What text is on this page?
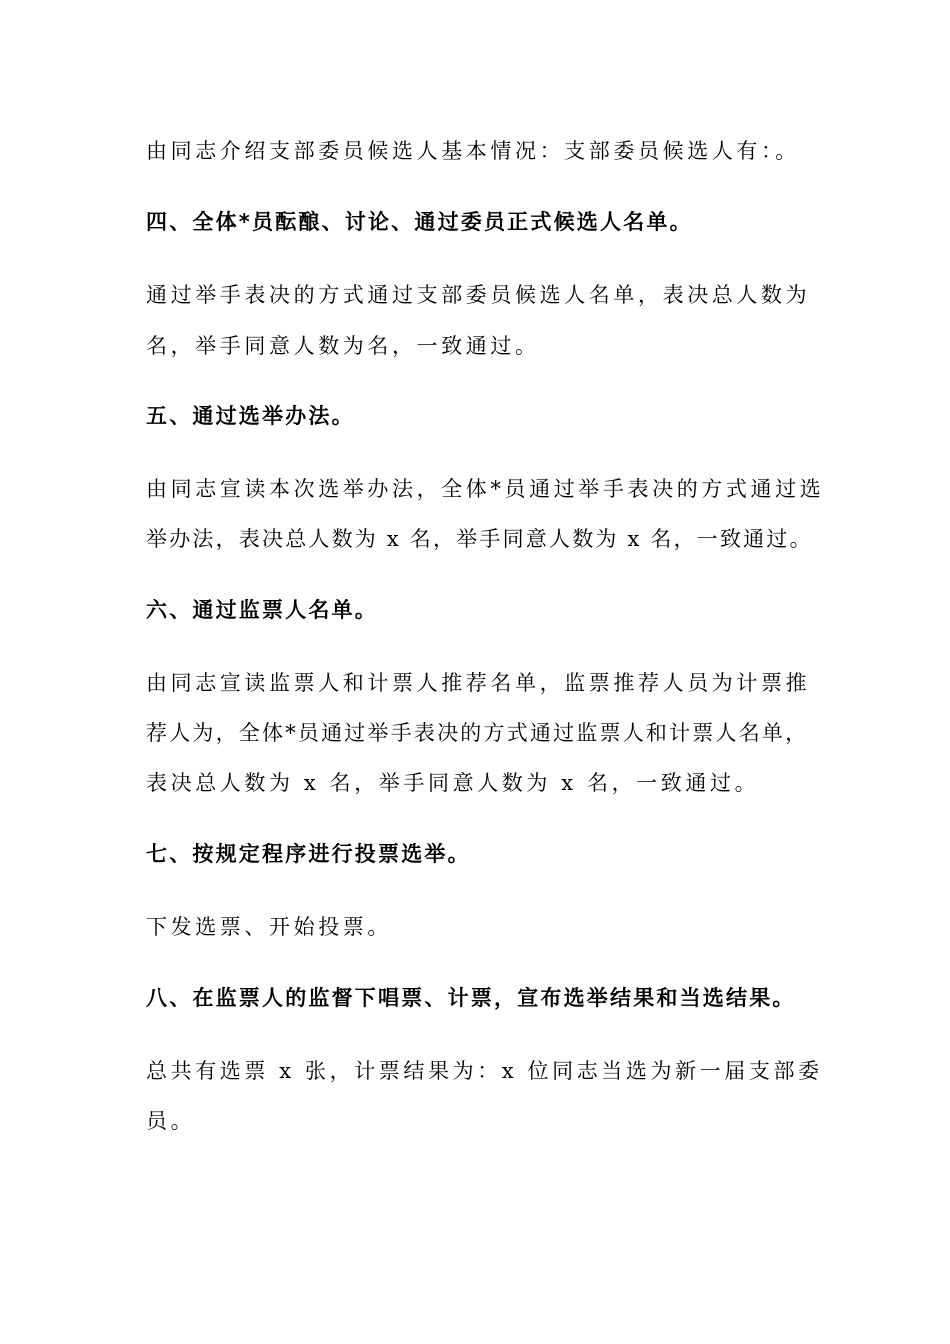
由同志介绍支部委员候选人基本情况：支部委员候选人有：。
四、全体*员酝酿、讨论、通过委员正式候选人名单。
通过举手表决的方式通过支部委员候选人名单，表决总人数为
名，举手同意人数为名，一致通过。
五、通过选举办法。
由同志宣读本次选举办法，全体*员通过举手表决的方式通过选
举办法，表决总人数为 x 名，举手同意人数为 x 名，一致通过。
六、通过监票人名单。
由同志宣读监票人和计票人推荐名单，监票推荐人员为计票推
荐人为，全体*员通过举手表决的方式通过监票人和计票人名单，
表决总人数为 x 名，举手同意人数为 x 名，一致通过。
七、按规定程序进行投票选举。
下发选票、开始投票。
八、在监票人的监督下唱票、计票，宣布选举结果和当选结果。
总共有选票 x 张，计票结果为：x 位同志当选为新一届支部委
员。
